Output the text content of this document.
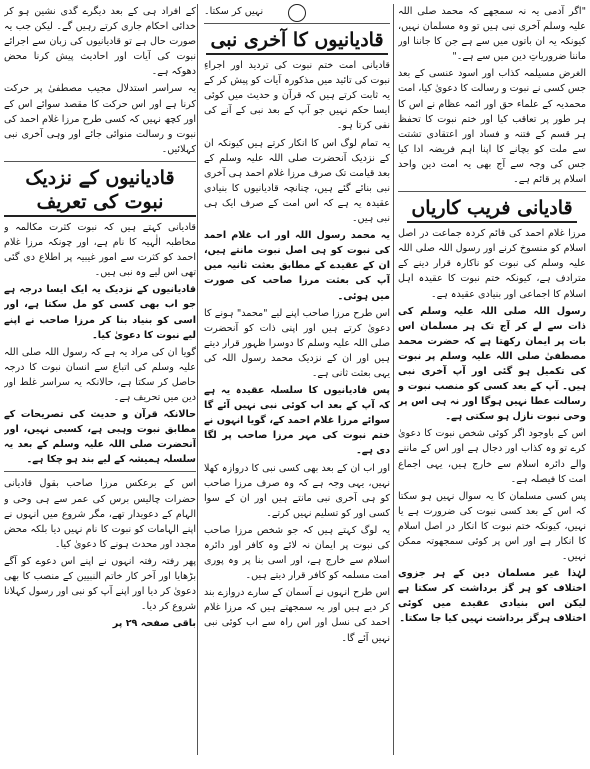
"اگر آدمی یہ نہ سمجھے کہ محمد صلی اللہ علیہ وسلم آخری نبی ہیں تو وہ مسلمان نہیں، کیونکہ یہ ان باتوں میں سے ہے جن کا جاننا اور ماننا ضروریاتِ دین میں سے ہے۔"

الغرض مسیلمہ کذاب اور اسود عنسی کے بعد جس کسی نے نبوت و رسالت کا دعویٰ کیا، امت محمدیہ کے علماء حق اور ائمہ عظام نے اس کا ہر طور پر تعاقب کیا اور ختم نبوت کا تحفظ ہر قسم کے فتنہ و فساد اور اعتقادی تشتت سے ملت کو بچانے کا اپنا اہم فریضہ ادا کیا جس کی وجہ سے آج بھی یہ امت دین واحد اسلام پر قائم ہے۔

قادیانی فریب کاریاں

مرزا غلام احمد کی قائم کردہ جماعت در اصل اسلام کو منسوخ کرنے اور رسول اللہ صلی اللہ علیہ وسلم کی نبوت کو ناکارہ قرار دینے کے مترادف ہے، کیونکہ ختم نبوت کا عقیدہ اہل اسلام کا اجماعی اور بنیادی عقیدہ ہے۔

رسول اللہ صلی اللہ علیہ وسلم کی ذات سے لے کر آج تک ہر مسلمان اس بات پر ایمان رکھتا ہے کہ حضرت محمد مصطفیٰ صلی اللہ علیہ وسلم پر نبوت کی تکمیل ہو گئی اور آپ آخری نبی ہیں۔ آپ کے بعد کسی کو منصب نبوت و رسالت عطا نہیں ہوگا اور نہ ہی اس پر وحی نبوت نازل ہو سکتی ہے۔

اس کے باوجود اگر کوئی شخص نبوت کا دعویٰ کرے تو وہ کذاب اور دجال ہے اور اس کے ماننے والے دائرہ اسلام سے خارج ہیں، یہی اجماع امت کا فیصلہ ہے۔

پس کسی مسلمان کا یہ سوال نہیں ہو سکتا کہ اس کے بعد کسی نبوت کی ضرورت ہے یا نہیں، کیونکہ ختم نبوت کا انکار در اصل اسلام کا انکار ہے اور اس پر کوئی سمجھوتہ ممکن نہیں۔

لہٰذا غیر مسلمان دین کے ہر جزوی اختلاف کو ہر گز برداشت کر سکتا ہے لیکن اس بنیادی عقیدے میں کوئی اختلاف ہرگز برداشت نہیں کیا جا سکتا۔

نہیں کر سکتا۔

قادیانیوں کا آخری نبی

قادیانی امت ختم نبوت کی تردید اور اجراءِ نبوت کی تائید میں مذکورہ آیات کو پیش کر کے یہ ثابت کرتے ہیں کہ قرآن و حدیث میں کوئی ایسا حکم نہیں جو آپ کے بعد نبی کے آنے کی نفی کرتا ہو۔

یہ تمام لوگ اس کا انکار کرتے ہیں کیونکہ ان کے نزدیک آنحضرت صلی اللہ علیہ وسلم کے بعد قیامت تک صرف مرزا غلام احمد ہی آخری نبی بنائے گئے ہیں، چنانچہ قادیانیوں کا بنیادی عقیدہ یہ ہے کہ اس امت کے صرف ایک ہی نبی ہیں۔

یہ محمد رسول اللہ اور اب غلام احمد کی نبوت کو ہی اصل نبوت مانتے ہیں، ان کے عقیدے کے مطابق بعثت ثانیہ میں آپ کی بعثت مرزا صاحب کی صورت میں ہوئی۔

اس طرح مرزا صاحب اپنے لیے "محمد" ہونے کا دعویٰ کرتے ہیں اور اپنی ذات کو آنحضرت صلی اللہ علیہ وسلم کا دوسرا ظہور قرار دیتے ہیں اور ان کے نزدیک محمد رسول اللہ کی یہی بعثت ثانی ہے۔

پس قادیانیوں کا سلسلہ عقیدہ یہ ہے کہ آپ کے بعد اب کوئی نبی نہیں آئے گا سوائے مرزا غلام احمد کے، گویا انہوں نے ختم نبوت کی مہر مرزا صاحب پر لگا دی ہے۔

اور اب ان کے بعد بھی کسی نبی کا دروازہ کھلا نہیں، یہی وجہ ہے کہ وہ صرف مرزا صاحب کو ہی آخری نبی مانتے ہیں اور ان کے سوا کسی اور کو تسلیم نہیں کرتے۔

یہ لوگ کہتے ہیں کہ جو شخص مرزا صاحب کی نبوت پر ایمان نہ لائے وہ کافر اور دائرہ اسلام سے خارج ہے، اور اسی بنا پر وہ پوری امت مسلمہ کو کافر قرار دیتے ہیں۔

اس طرح انہوں نے آسمان کے سارے دروازے بند کر دیے ہیں اور یہ سمجھتے ہیں کہ مرزا غلام احمد کی نسل اور اس راہ سے اب کوئی نبی نہیں آئے گا۔

کے افراد ہی کے بعد دیگرے گدی نشین ہو کر خدائی احکام جاری کرتے رہیں گے۔ لیکن جب یہ صورت حال ہے تو قادیانیوں کی زبان سے اجرائے نبوت کی آیات اور احادیث پیش کرنا محض دھوکہ ہے۔

یہ سراسر استدلال مجیب مصطفیٰ پر حرکت کرنا ہے اور اس حرکت کا مقصد سوائے اس کے اور کچھ نہیں کہ کسی طرح مرزا غلام احمد کی نبوت و رسالت منوائی جائے اور وہی آخری نبی کہلائیں۔

قادیانیوں کے نزدیک نبوت کی تعریف

قادیانی کہتے ہیں کہ نبوت کثرت مکالمہ و مخاطبہ الٰہیہ کا نام ہے، اور چونکہ مرزا غلام احمد کو کثرت سے امور غیبیہ پر اطلاع دی گئی تھی اس لیے وہ نبی ہیں۔

قادیانیوں کے نزدیک یہ ایک ایسا درجہ ہے جو اب بھی کسی کو مل سکتا ہے، اور اسی کو بنیاد بنا کر مرزا صاحب نے اپنے لیے نبوت کا دعویٰ کیا۔

گویا ان کی مراد یہ ہے کہ رسول اللہ صلی اللہ علیہ وسلم کی اتباع سے انسان نبوت کا درجہ حاصل کر سکتا ہے، حالانکہ یہ سراسر غلط اور دین میں تحریف ہے۔

حالانکہ قرآن و حدیث کی تصریحات کے مطابق نبوت وہبی ہے، کسبی نہیں، اور آنحضرت صلی اللہ علیہ وسلم کے بعد یہ سلسلہ ہمیشہ کے لیے بند ہو چکا ہے۔

اس کے برعکس مرزا صاحب بقول قادیانی حضرات چالیس برس کی عمر سے ہی وحی و الہام کے دعویدار تھے، مگر شروع میں انہوں نے اپنے الہامات کو نبوت کا نام نہیں دیا بلکہ محض مجدد اور محدث ہونے کا دعویٰ کیا۔

پھر رفتہ رفتہ انہوں نے اپنے اس دعوے کو آگے بڑھایا اور آخر کار خاتم النبیین کے منصب کا بھی دعویٰ کر دیا اور اپنے آپ کو نبی اور رسول کہلانا شروع کر دیا۔

باقی صفحہ ۲۹ پر
